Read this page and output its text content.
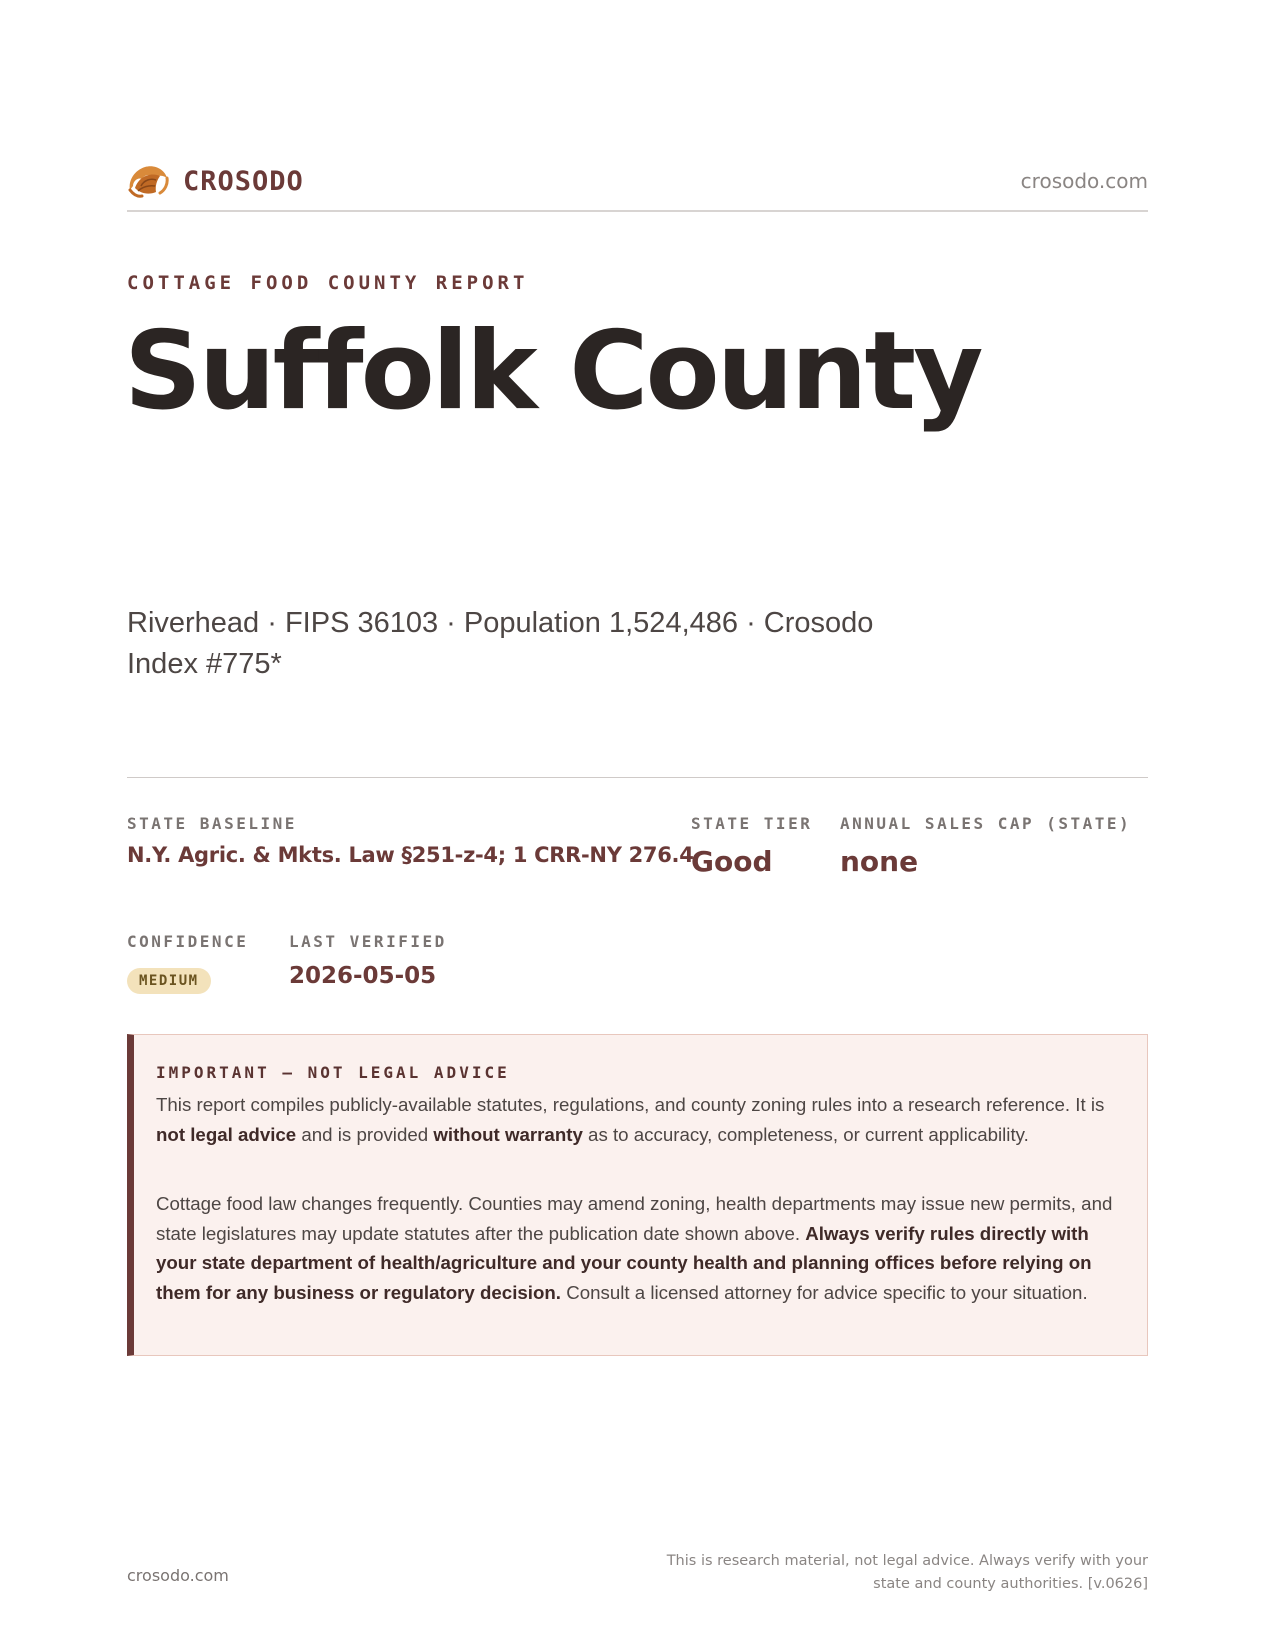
CROSODO	crosodo.com
COTTAGE FOOD COUNTY REPORT
Suffolk County
Riverhead · FIPS 36103 · Population 1,524,486 · Crosodo Index #775*
STATE BASELINE
N.Y. Agric. & Mkts. Law §251-z-4; 1 CRR-NY 276.4
STATE TIER
Good
ANNUAL SALES CAP (STATE)
none
CONFIDENCE
MEDIUM
LAST VERIFIED
2026-05-05
IMPORTANT — NOT LEGAL ADVICE

This report compiles publicly-available statutes, regulations, and county zoning rules into a research reference. It is not legal advice and is provided without warranty as to accuracy, completeness, or current applicability.

Cottage food law changes frequently. Counties may amend zoning, health departments may issue new permits, and state legislatures may update statutes after the publication date shown above. Always verify rules directly with your state department of health/agriculture and your county health and planning offices before relying on them for any business or regulatory decision. Consult a licensed attorney for advice specific to your situation.

crosodo.com
This is research material, not legal advice. Always verify with your state and county authorities. [v.0626]
